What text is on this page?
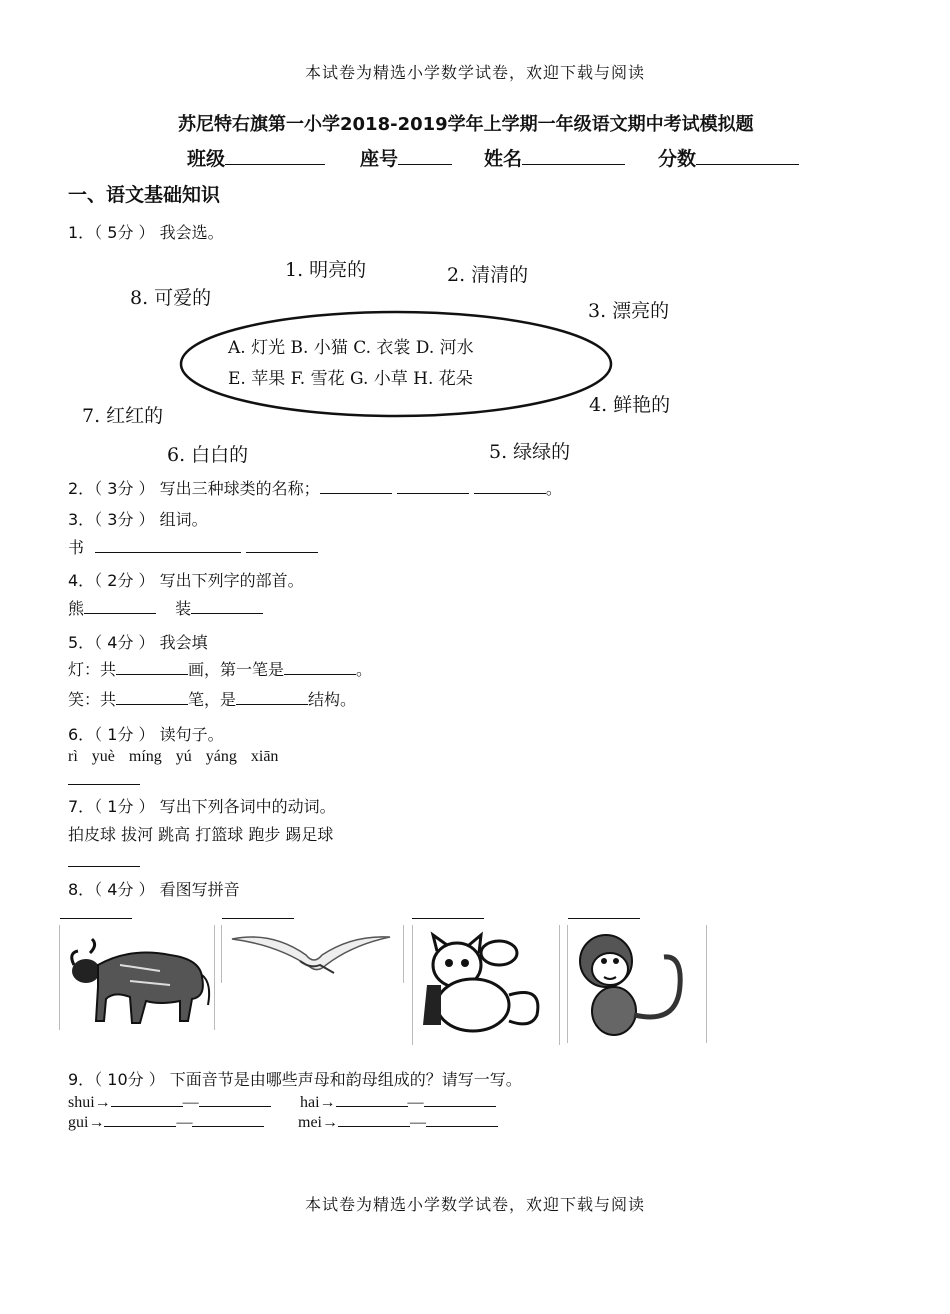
本试卷为精选小学数学试卷，欢迎下载与阅读
苏尼特右旗第一小学2018-2019学年上学期一年级语文期中考试模拟题
班级	座号	姓名	分数
一、语文基础知识
1．（ 5分 ） 我会选。
1. 明亮的	2. 清清的
3. 漂亮的
4. 鲜艳的
5. 绿绿的
6. 白白的
7. 红红的
8. 可爱的
A. 灯光 B. 小猫 C. 衣裳 D. 河水
E. 苹果 F. 雪花 G. 小草 H. 花朵
2．（ 3分 ） 写出三种球类的名称；	。
3．（ 3分 ） 组词。
书
4．（ 2分 ） 写出下列字的部首。
熊	装
5．（ 4分 ） 我会填
灯：共	画，第一笔是	。
笑：共	笔，是	结构。
6．（ 1分 ） 读句子。
rì yuè míng yú yáng xiān
7．（ 1分 ） 写出下列各词中的动词。
拍皮球 拔河 跳高 打篮球 跑步 踢足球
8．（ 4分 ） 看图写拼音
9．（ 10分 ） 下面音节是由哪些声母和韵母组成的？请写一写。
shui→	—	hai→	—
gui→	—	mei→	—
本试卷为精选小学数学试卷，欢迎下载与阅读
